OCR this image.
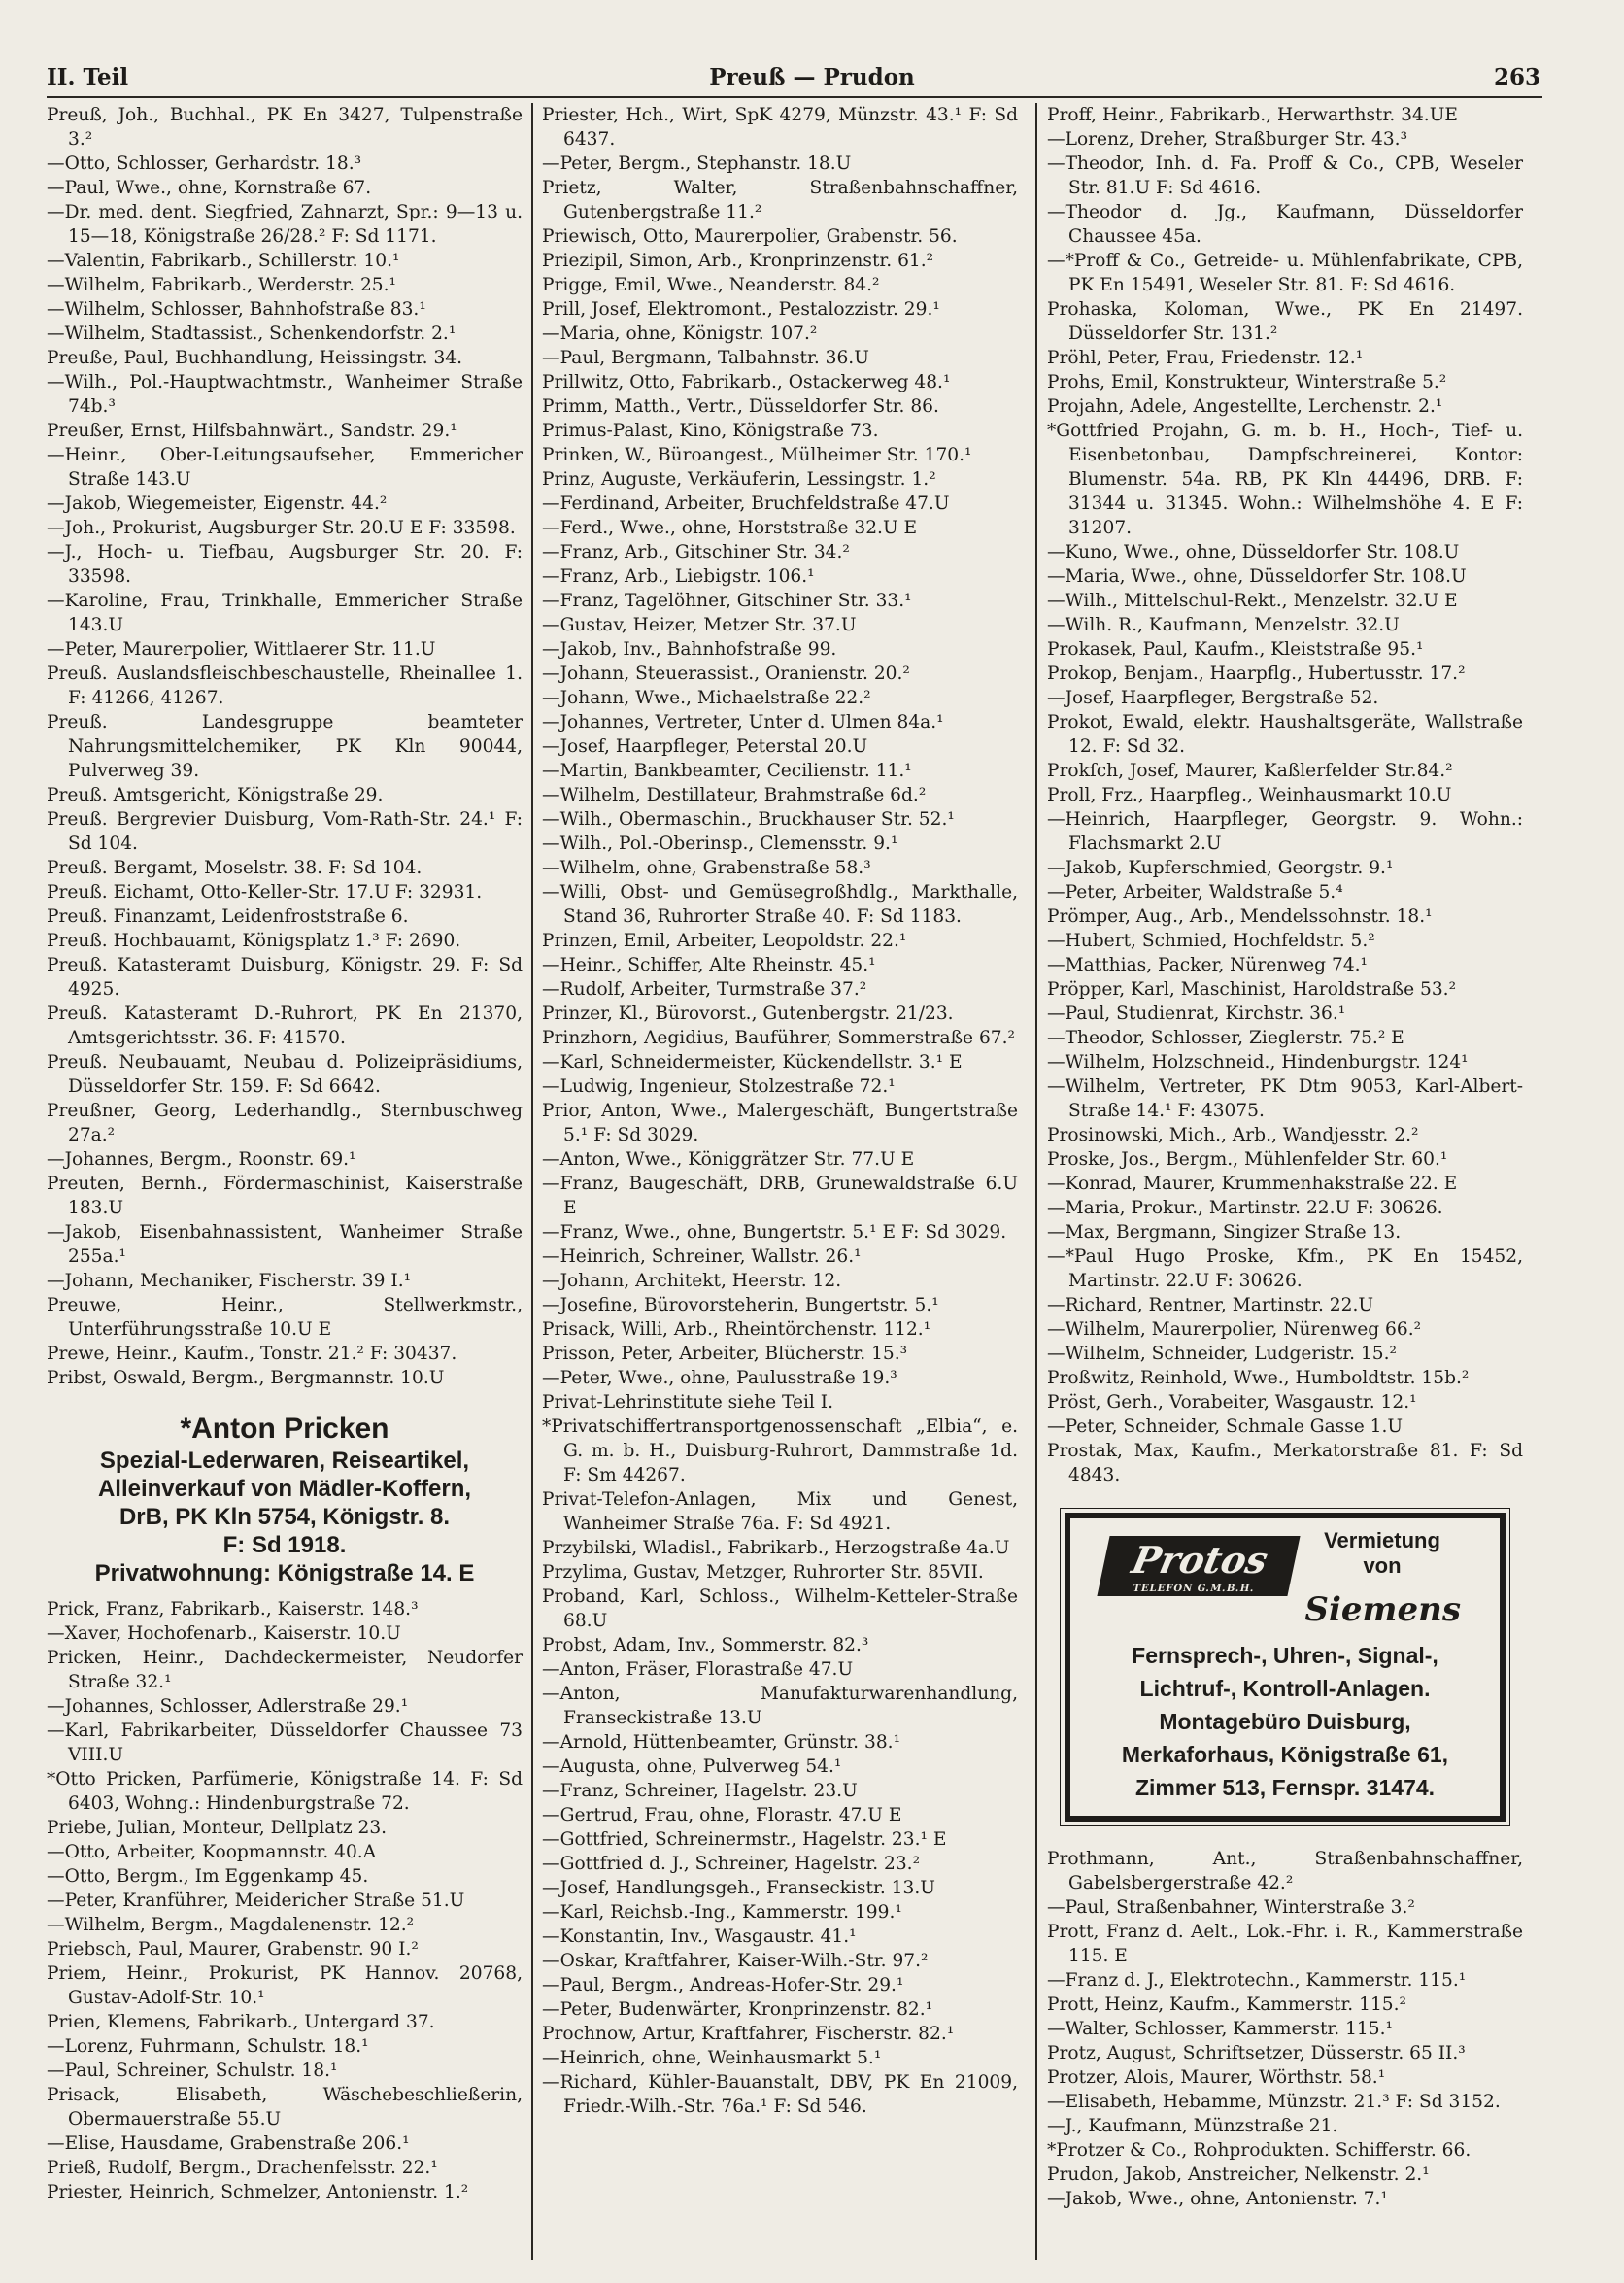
II. Teil	Preuß — Prudon	263
Preuß, Joh., Buchhal., PK En 3427, Tulpenstraße 3.²
—Otto, Schlosser, Gerhardstr. 18.³
—Paul, Wwe., ohne, Kornstraße 67.
—Dr. med. dent. Siegfried, Zahnarzt, Spr.: 9—13 u. 15—18, Königstraße 26/28.² F: Sd 1171.
—Valentin, Fabrikarb., Schillerstr. 10.¹
—Wilhelm, Fabrikarb., Werderstr. 25.¹
—Wilhelm, Schlosser, Bahnhofstraße 83.¹
—Wilhelm, Stadtassist., Schenkendorfstr. 2.¹
Preuße, Paul, Buchhandlung, Heissingstr. 34.
—Wilh., Pol.-Hauptwachtmstr., Wanheimer Straße 74b.³
Preußer, Ernst, Hilfsbahnwärt., Sandstr. 29.¹
—Heinr., Ober-Leitungsaufseher, Emmericher Straße 143.U
—Jakob, Wiegemeister, Eigenstr. 44.²
—Joh., Prokurist, Augsburger Str. 20.U E F: 33598.
—J., Hoch- u. Tiefbau, Augsburger Str. 20. F: 33598.
—Karoline, Frau, Trinkhalle, Emmericher Straße 143.U
—Peter, Maurerpolier, Wittlaerer Str. 11.U
Preuß. Auslandsfleischbeschaustelle, Rheinallee 1. F: 41266, 41267.
Preuß. Landesgruppe beamteter Nahrungsmittelchemiker, PK Kln 90044, Pulverweg 39.
Preuß. Amtsgericht, Königstraße 29.
Preuß. Bergrevier Duisburg, Vom-Rath-Str. 24.¹ F: Sd 104.
Preuß. Bergamt, Moselstr. 38. F: Sd 104.
Preuß. Eichamt, Otto-Keller-Str. 17.U F: 32931.
Preuß. Finanzamt, Leidenfroststraße 6.
Preuß. Hochbauamt, Königsplatz 1.³ F: 2690.
Preuß. Katasteramt Duisburg, Königstr. 29. F: Sd 4925.
Preuß. Katasteramt D.-Ruhrort, PK En 21370, Amtsgerichtsstr. 36. F: 41570.
Preuß. Neubauamt, Neubau d. Polizeipräsidiums, Düsseldorfer Str. 159. F: Sd 6642.
Preußner, Georg, Lederhandlg., Sternbuschweg 27a.²
—Johannes, Bergm., Roonstr. 69.¹
Preuten, Bernh., Fördermaschinist, Kaiserstraße 183.U
—Jakob, Eisenbahnassistent, Wanheimer Straße 255a.¹
—Johann, Mechaniker, Fischerstr. 39 I.¹
Preuwe, Heinr., Stellwerkmstr., Unterführungsstraße 10.U E
Prewe, Heinr., Kaufm., Tonstr. 21.² F: 30437.
Pribst, Oswald, Bergm., Bergmannstr. 10.U
*Anton Pricken
Spezial-Lederwaren, Reiseartikel,
Alleinverkauf von Mädler-Koffern,
DrB, PK Kln 5754, Königstr. 8.
F: Sd 1918.
Privatwohnung: Königstraße 14. E
Prick, Franz, Fabrikarb., Kaiserstr. 148.³
—Xaver, Hochofenarb., Kaiserstr. 10.U
Pricken, Heinr., Dachdeckermeister, Neudorfer Straße 32.¹
—Johannes, Schlosser, Adlerstraße 29.¹
—Karl, Fabrikarbeiter, Düsseldorfer Chaussee 73 VIII.U
*Otto Pricken, Parfümerie, Königstraße 14. F: Sd 6403, Wohng.: Hindenburgstraße 72.
Priebe, Julian, Monteur, Dellplatz 23.
—Otto, Arbeiter, Koopmannstr. 40.A
—Otto, Bergm., Im Eggenkamp 45.
—Peter, Kranführer, Meidericher Straße 51.U
—Wilhelm, Bergm., Magdalenenstr. 12.²
Priebsch, Paul, Maurer, Grabenstr. 90 I.²
Priem, Heinr., Prokurist, PK Hannov. 20768, Gustav-Adolf-Str. 10.¹
Prien, Klemens, Fabrikarb., Untergard 37.
—Lorenz, Fuhrmann, Schulstr. 18.¹
—Paul, Schreiner, Schulstr. 18.¹
Prisack, Elisabeth, Wäschebeschließerin, Obermauerstraße 55.U
—Elise, Hausdame, Grabenstraße 206.¹
Prieß, Rudolf, Bergm., Drachenfelsstr. 22.¹
Priester, Heinrich, Schmelzer, Antonienstr. 1.²
Priester, Hch., Wirt, SpK 4279, Münzstr. 43.¹ F: Sd 6437.
—Peter, Bergm., Stephanstr. 18.U
Prietz, Walter, Straßenbahnschaffner, Gutenbergstraße 11.²
Priewisch, Otto, Maurerpolier, Grabenstr. 56.
Priezipil, Simon, Arb., Kronprinzenstr. 61.²
Prigge, Emil, Wwe., Neanderstr. 84.²
Prill, Josef, Elektromont., Pestalozzistr. 29.¹
—Maria, ohne, Königstr. 107.²
—Paul, Bergmann, Talbahnstr. 36.U
Prillwitz, Otto, Fabrikarb., Ostackerweg 48.¹
Primm, Matth., Vertr., Düsseldorfer Str. 86.
Primus-Palast, Kino, Königstraße 73.
Prinken, W., Büroangest., Mülheimer Str. 170.¹
Prinz, Auguste, Verkäuferin, Lessingstr. 1.²
—Ferdinand, Arbeiter, Bruchfeldstraße 47.U
—Ferd., Wwe., ohne, Horststraße 32.U E
—Franz, Arb., Gitschiner Str. 34.²
—Franz, Arb., Liebigstr. 106.¹
—Franz, Tagelöhner, Gitschiner Str. 33.¹
—Gustav, Heizer, Metzer Str. 37.U
—Jakob, Inv., Bahnhofstraße 99.
—Johann, Steuerassist., Oranienstr. 20.²
—Johann, Wwe., Michaelstraße 22.²
—Johannes, Vertreter, Unter d. Ulmen 84a.¹
—Josef, Haarpfleger, Peterstal 20.U
—Martin, Bankbeamter, Cecilienstr. 11.¹
—Wilhelm, Destillateur, Brahmstraße 6d.²
—Wilh., Obermaschin., Bruckhauser Str. 52.¹
—Wilh., Pol.-Oberinsp., Clemensstr. 9.¹
—Wilhelm, ohne, Grabenstraße 58.³
—Willi, Obst- und Gemüsegroßhdlg., Markthalle, Stand 36, Ruhrorter Straße 40. F: Sd 1183.
Prinzen, Emil, Arbeiter, Leopoldstr. 22.¹
—Heinr., Schiffer, Alte Rheinstr. 45.¹
—Rudolf, Arbeiter, Turmstraße 37.²
Prinzer, Kl., Bürovorst., Gutenbergstr. 21/23.
Prinzhorn, Aegidius, Bauführer, Sommerstraße 67.²
—Karl, Schneidermeister, Kückendellstr. 3.¹ E
—Ludwig, Ingenieur, Stolzestraße 72.¹
Prior, Anton, Wwe., Malergeschäft, Bungertstraße 5.¹ F: Sd 3029.
—Anton, Wwe., Königgrätzer Str. 77.U E
—Franz, Baugeschäft, DRB, Grunewaldstraße 6.U E
—Franz, Wwe., ohne, Bungertstr. 5.¹ E F: Sd 3029.
—Heinrich, Schreiner, Wallstr. 26.¹
—Johann, Architekt, Heerstr. 12.
—Josefine, Bürovorsteherin, Bungertstr. 5.¹
Prisack, Willi, Arb., Rheintörchenstr. 112.¹
Prisson, Peter, Arbeiter, Blücherstr. 15.³
—Peter, Wwe., ohne, Paulusstraße 19.³
Privat-Lehrinstitute siehe Teil I.
*Privatschiffertransportgenossenschaft „Elbia“, e. G. m. b. H., Duisburg-Ruhrort, Dammstraße 1d. F: Sm 44267.
Privat-Telefon-Anlagen, Mix und Genest, Wanheimer Straße 76a. F: Sd 4921.
Przybilski, Wladisl., Fabrikarb., Herzogstraße 4a.U
Przylima, Gustav, Metzger, Ruhrorter Str. 85VII.
Proband, Karl, Schloss., Wilhelm-Ketteler-Straße 68.U
Probst, Adam, Inv., Sommerstr. 82.³
—Anton, Fräser, Florastraße 47.U
—Anton, Manufakturwarenhandlung, Franseckistraße 13.U
—Arnold, Hüttenbeamter, Grünstr. 38.¹
—Augusta, ohne, Pulverweg 54.¹
—Franz, Schreiner, Hagelstr. 23.U
—Gertrud, Frau, ohne, Florastr. 47.U E
—Gottfried, Schreinermstr., Hagelstr. 23.¹ E
—Gottfried d. J., Schreiner, Hagelstr. 23.²
—Josef, Handlungsgeh., Franseckistr. 13.U
—Karl, Reichsb.-Ing., Kammerstr. 199.¹
—Konstantin, Inv., Wasgaustr. 41.¹
—Oskar, Kraftfahrer, Kaiser-Wilh.-Str. 97.²
—Paul, Bergm., Andreas-Hofer-Str. 29.¹
—Peter, Budenwärter, Kronprinzenstr. 82.¹
Prochnow, Artur, Kraftfahrer, Fischerstr. 82.¹
—Heinrich, ohne, Weinhausmarkt 5.¹
—Richard, Kühler-Bauanstalt, DBV, PK En 21009, Friedr.-Wilh.-Str. 76a.¹ F: Sd 546.
Proff, Heinr., Fabrikarb., Herwarthstr. 34.UE
—Lorenz, Dreher, Straßburger Str. 43.³
—Theodor, Inh. d. Fa. Proff & Co., CPB, Weseler Str. 81.U F: Sd 4616.
—Theodor d. Jg., Kaufmann, Düsseldorfer Chaussee 45a.
—*Proff & Co., Getreide- u. Mühlenfabrikate, CPB, PK En 15491, Weseler Str. 81. F: Sd 4616.
Prohaska, Koloman, Wwe., PK En 21497. Düsseldorfer Str. 131.²
Pröhl, Peter, Frau, Friedenstr. 12.¹
Prohs, Emil, Konstrukteur, Winterstraße 5.²
Projahn, Adele, Angestellte, Lerchenstr. 2.¹
*Gottfried Projahn, G. m. b. H., Hoch-, Tief- u. Eisenbetonbau, Dampfschreinerei, Kontor: Blumenstr. 54a. RB, PK Kln 44496, DRB. F: 31344 u. 31345. Wohn.: Wilhelmshöhe 4. E F: 31207.
—Kuno, Wwe., ohne, Düsseldorfer Str. 108.U
—Maria, Wwe., ohne, Düsseldorfer Str. 108.U
—Wilh., Mittelschul-Rekt., Menzelstr. 32.U E
—Wilh. R., Kaufmann, Menzelstr. 32.U
Prokasek, Paul, Kaufm., Kleiststraße 95.¹
Prokop, Benjam., Haarpflg., Hubertusstr. 17.²
—Josef, Haarpfleger, Bergstraße 52.
Prokot, Ewald, elektr. Haushaltsgeräte, Wallstraße 12. F: Sd 32.
Prokſch, Josef, Maurer, Kaßlerfelder Str.84.²
Proll, Frz., Haarpfleg., Weinhausmarkt 10.U
—Heinrich, Haarpfleger, Georgstr. 9. Wohn.: Flachsmarkt 2.U
—Jakob, Kupferschmied, Georgstr. 9.¹
—Peter, Arbeiter, Waldstraße 5.⁴
Prömper, Aug., Arb., Mendelssohnstr. 18.¹
—Hubert, Schmied, Hochfeldstr. 5.²
—Matthias, Packer, Nürenweg 74.¹
Pröpper, Karl, Maschinist, Haroldstraße 53.²
—Paul, Studienrat, Kirchstr. 36.¹
—Theodor, Schlosser, Zieglerstr. 75.² E
—Wilhelm, Holzschneid., Hindenburgstr. 124¹
—Wilhelm, Vertreter, PK Dtm 9053, Karl-Albert-Straße 14.¹ F: 43075.
Prosinowski, Mich., Arb., Wandjesstr. 2.²
Proske, Jos., Bergm., Mühlenfelder Str. 60.¹
—Konrad, Maurer, Krummenhakstraße 22. E
—Maria, Prokur., Martinstr. 22.U F: 30626.
—Max, Bergmann, Singizer Straße 13.
—*Paul Hugo Proske, Kfm., PK En 15452, Martinstr. 22.U F: 30626.
—Richard, Rentner, Martinstr. 22.U
—Wilhelm, Maurerpolier, Nürenweg 66.²
—Wilhelm, Schneider, Ludgeristr. 15.²
Proßwitz, Reinhold, Wwe., Humboldtstr. 15b.²
Pröst, Gerh., Vorabeiter, Wasgaustr. 12.¹
—Peter, Schneider, Schmale Gasse 1.U
Prostak, Max, Kaufm., Merkatorstraße 81. F: Sd 4843.
Protos
TELEFON G.M.B.H.
Vermietung
von
Siemens
Fernsprech-, Uhren-, Signal-,
Lichtruf-, Kontroll-Anlagen.
Montagebüro Duisburg,
Merkaforhaus, Königstraße 61,
Zimmer 513, Fernspr. 31474.
Prothmann, Ant., Straßenbahnschaffner, Gabelsbergerstraße 42.²
—Paul, Straßenbahner, Winterstraße 3.²
Prott, Franz d. Aelt., Lok.-Fhr. i. R., Kammerstraße 115. E
—Franz d. J., Elektrotechn., Kammerstr. 115.¹
Prott, Heinz, Kaufm., Kammerstr. 115.²
—Walter, Schlosser, Kammerstr. 115.¹
Protz, August, Schriftsetzer, Düsserstr. 65 II.³
Protzer, Alois, Maurer, Wörthstr. 58.¹
—Elisabeth, Hebamme, Münzstr. 21.³ F: Sd 3152.
—J., Kaufmann, Münzstraße 21.
*Protzer & Co., Rohprodukten. Schifferstr. 66.
Prudon, Jakob, Anstreicher, Nelkenstr. 2.¹
—Jakob, Wwe., ohne, Antonienstr. 7.¹
